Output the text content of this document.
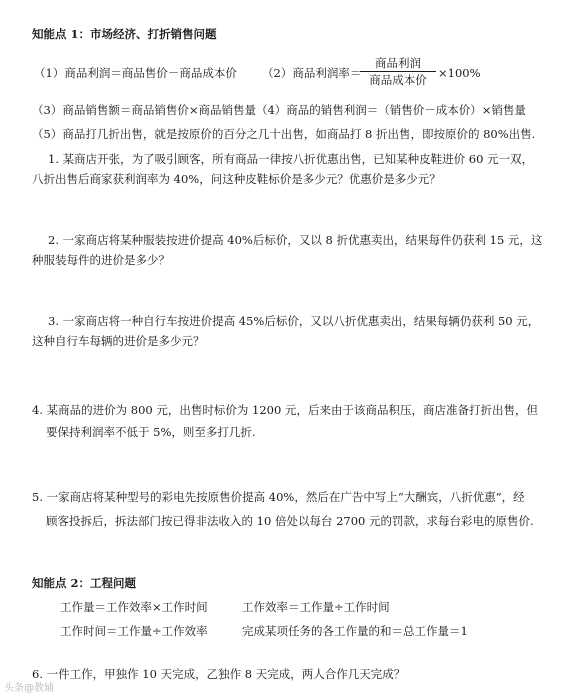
知能点 1：市场经济、打折销售问题
（1）商品利润＝商品售价－商品成本价 （2）商品利润率＝
商品利润
商品成本价 ×100%
（3）商品销售额＝商品销售价×商品销售量（4）商品的销售利润＝（销售价－成本价）×销售量
（5）商品打几折出售，就是按原价的百分之几十出售，如商品打 8 折出售，即按原价的 80%出售.
1. 某商店开张，为了吸引顾客，所有商品一律按八折优惠出售，已知某种皮鞋进价 60 元一双，
八折出售后商家获利润率为 40%，问这种皮鞋标价是多少元？优惠价是多少元？
2. 一家商店将某种服装按进价提高 40%后标价，又以 8 折优惠卖出，结果每件仍获利 15 元，这
种服装每件的进价是多少？
3. 一家商店将一种自行车按进价提高 45%后标价，又以八折优惠卖出，结果每辆仍获利 50 元，
这种自行车每辆的进价是多少元？
4. 某商品的进价为 800 元，出售时标价为 1200 元，后来由于该商品积压，商店准备打折出售，但
要保持利润率不低于 5%，则至多打几折.
5. 一家商店将某种型号的彩电先按原售价提高 40%，然后在广告中写上“大酬宾，八折优惠”，经
顾客投拆后，拆法部门按已得非法收入的 10 倍处以每台 2700 元的罚款，求每台彩电的原售价.
知能点 2：工程问题
工作量＝工作效率×工作时间	工作效率＝工作量÷工作时间
工作时间＝工作量÷工作效率	完成某项任务的各工作量的和＝总工作量＝1
6. 一件工作，甲独作 10 天完成，乙独作 8 天完成，两人合作几天完成？
头条@教辅
